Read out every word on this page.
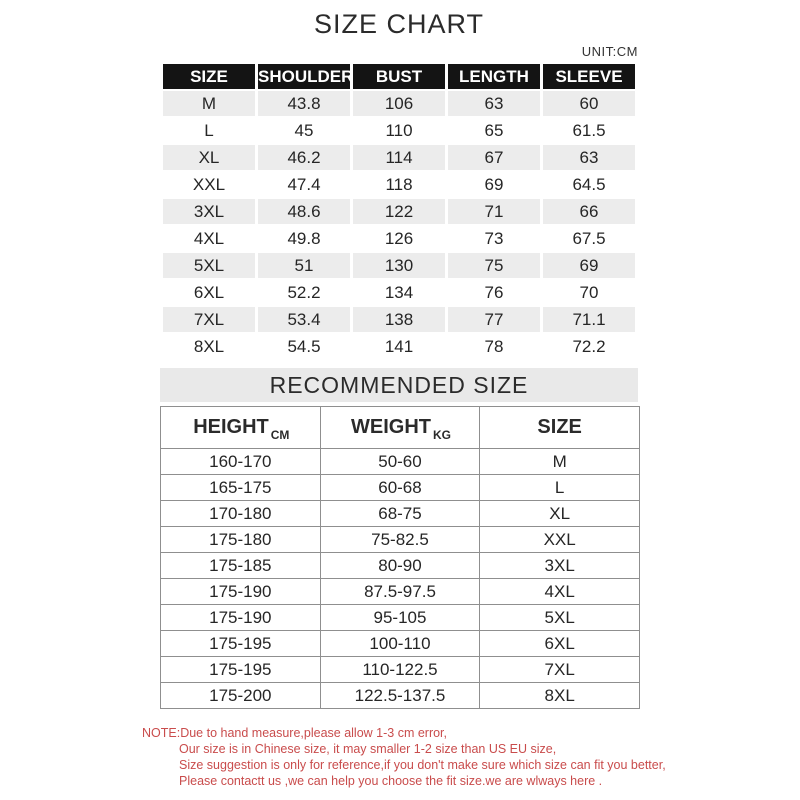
SIZE CHART
UNIT:CM
SIZE	SHOULDER	BUST	LENGTH	SLEEVE
M	43.8	106	63	60
L	45	110	65	61.5
XL	46.2	114	67	63
XXL	47.4	118	69	64.5
3XL	48.6	122	71	66
4XL	49.8	126	73	67.5
5XL	51	130	75	69
6XL	52.2	134	76	70
7XL	53.4	138	77	71.1
8XL	54.5	141	78	72.2
RECOMMENDED SIZE
HEIGHT $_{CM}$	WEIGHT $_{KG}$	SIZE
160-170	50-60	M
165-175	60-68	L
170-180	68-75	XL
175-180	75-82.5	XXL
175-185	80-90	3XL
175-190	87.5-97.5	4XL
175-190	95-105	5XL
175-195	100-110	6XL
175-195	110-122.5	7XL
175-200	122.5-137.5	8XL

NOTE:Due to hand measure,please allow 1-3 cm error,

Our size is in Chinese size, it may smaller 1-2 size than US EU size,

Size suggestion is only for reference,if you don't make sure which size can fit you better,

Please contactt us ,we can help you choose the fit size.we are wlways here .
